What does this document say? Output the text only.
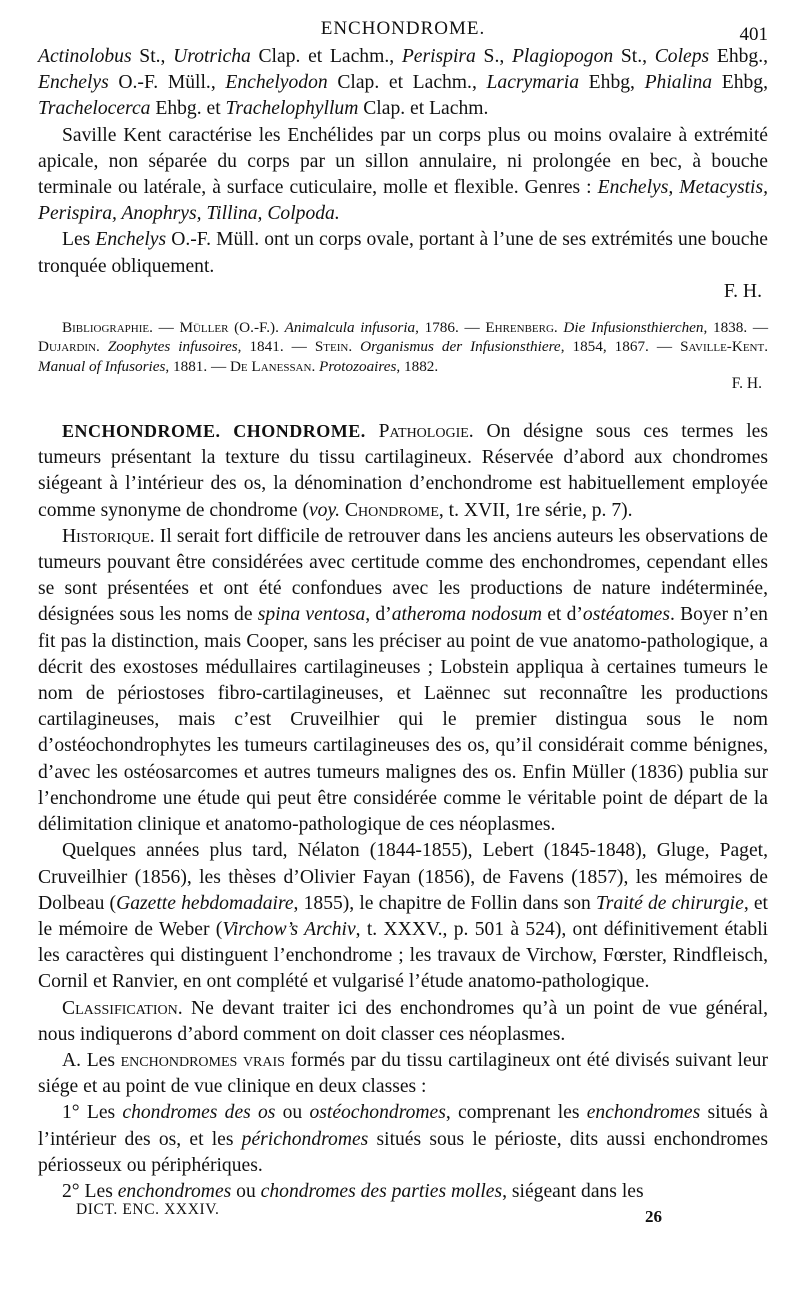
ENCHONDROME.	401

Actinolobus St., Urotricha Clap. et Lachm., Perispira S., Plagiopogon St., Coleps Ehbg., Enchelys O.-F. Müll., Enchelyodon Clap. et Lachm., Lacrymaria Ehbg, Phialina Ehbg, Trachelocerca Ehbg. et Trachelophyllum Clap. et Lachm.

Saville Kent caractérise les Enchélides par un corps plus ou moins ovalaire à extrémité apicale, non séparée du corps par un sillon annulaire, ni prolongée en bec, à bouche terminale ou latérale, à surface cuticulaire, molle et flexible. Genres : Enchelys, Metacystis, Perispira, Anophrys, Tillina, Colpoda.

Les Enchelys O.-F. Müll. ont un corps ovale, portant à l’une de ses extrémités une bouche tronquée obliquement.

F. H.

Bibliographie. — Müller (O.-F.). Animalcula infusoria, 1786. — Ehrenberg. Die Infusionsthierchen, 1838. — Dujardin. Zoophytes infusoires, 1841. — Stein. Organismus der Infusionsthiere, 1854, 1867. — Saville-Kent. Manual of Infusories, 1881. — De Lanessan. Protozoaires, 1882.

F. H.

ENCHONDROME. CHONDROME. Pathologie. On désigne sous ces termes les tumeurs présentant la texture du tissu cartilagineux. Réservée d’abord aux chondromes siégeant à l’intérieur des os, la dénomination d’enchondrome est habituellement employée comme synonyme de chondrome (voy. Chondrome, t. XVII, 1re série, p. 7).

Historique. Il serait fort difficile de retrouver dans les anciens auteurs les observations de tumeurs pouvant être considérées avec certitude comme des enchondromes, cependant elles se sont présentées et ont été confondues avec les productions de nature indéterminée, désignées sous les noms de spina ventosa, d’atheroma nodosum et d’ostéatomes. Boyer n’en fit pas la distinction, mais Cooper, sans les préciser au point de vue anatomo-pathologique, a décrit des exostoses médullaires cartilagineuses ; Lobstein appliqua à certaines tumeurs le nom de périostoses fibro-cartilagineuses, et Laënnec sut reconnaître les productions cartilagineuses, mais c’est Cruveilhier qui le premier distingua sous le nom d’ostéochondrophytes les tumeurs cartilagineuses des os, qu’il considérait comme bénignes, d’avec les ostéosarcomes et autres tumeurs malignes des os. Enfin Müller (1836) publia sur l’enchondrome une étude qui peut être considérée comme le véritable point de départ de la délimitation clinique et anatomo-pathologique de ces néoplasmes.

Quelques années plus tard, Nélaton (1844-1855), Lebert (1845-1848), Gluge, Paget, Cruveilhier (1856), les thèses d’Olivier Fayan (1856), de Favens (1857), les mémoires de Dolbeau (Gazette hebdomadaire, 1855), le chapitre de Follin dans son Traité de chirurgie, et le mémoire de Weber (Virchow’s Archiv, t. XXXV., p. 501 à 524), ont définitivement établi les caractères qui distinguent l’enchondrome ; les travaux de Virchow, Fœrster, Rindfleisch, Cornil et Ranvier, en ont complété et vulgarisé l’étude anatomo-pathologique.

Classification. Ne devant traiter ici des enchondromes qu’à un point de vue général, nous indiquerons d’abord comment on doit classer ces néoplasmes.

A. Les enchondromes vrais formés par du tissu cartilagineux ont été divisés suivant leur siége et au point de vue clinique en deux classes :

1° Les chondromes des os ou ostéochondromes, comprenant les enchondromes situés à l’intérieur des os, et les périchondromes situés sous le périoste, dits aussi enchondromes périosseux ou périphériques.

2° Les enchondromes ou chondromes des parties molles, siégeant dans les

DICT. ENC. XXXIV.	26
